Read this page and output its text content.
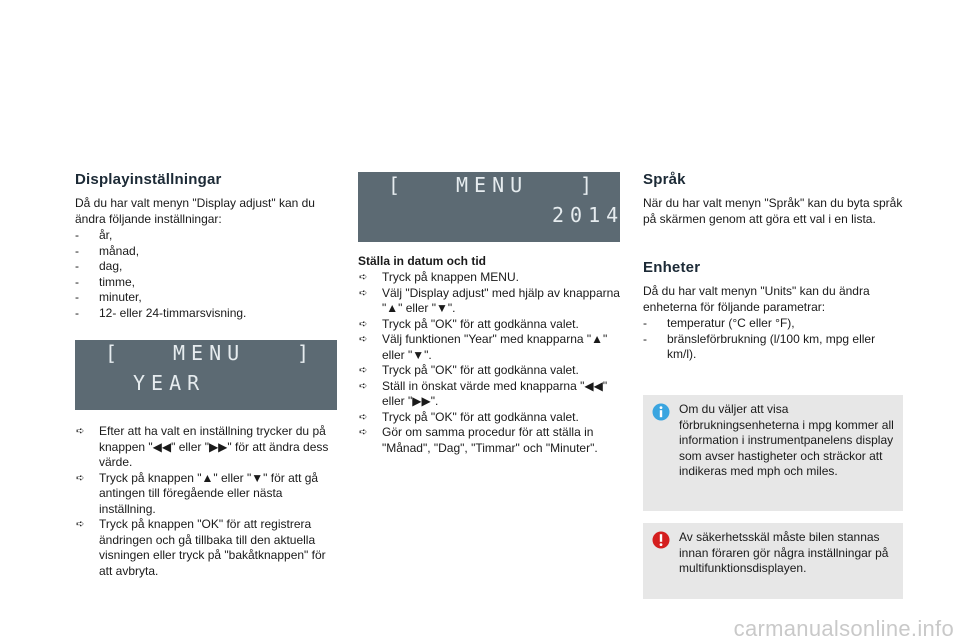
Displayinställningar

Då du har valt menyn "Display adjust" kan du ändra följande inställningar:

- år,
- månad,
- dag,
- timme,
- minuter,
- 12- eller 24-timmarsvisning.
[ MENU	]
YEAR
➪ Efter att ha valt en inställning trycker du på knappen "◀◀" eller "▶▶" för att ändra dess värde.
➪ Tryck på knappen "▲" eller "▼" för att gå antingen till föregående eller nästa inställning.
➪ Tryck på knappen "OK" för att registrera ändringen och gå tillbaka till den aktuella visningen eller tryck på "bakåtknappen" för att avbryta.
[ MENU	]
2014

Ställa in datum och tid

➪ Tryck på knappen MENU.
➪ Välj "Display adjust" med hjälp av knapparna "▲" eller "▼".
➪ Tryck på "OK" för att godkänna valet.
➪ Välj funktionen "Year" med knapparna "▲" eller "▼".
➪ Tryck på "OK" för att godkänna valet.
➪ Ställ in önskat värde med knapparna "◀◀" eller "▶▶".
➪ Tryck på "OK" för att godkänna valet.
➪ Gör om samma procedur för att ställa in "Månad", "Dag", "Timmar" och "Minuter".
Språk

När du har valt menyn "Språk" kan du byta språk på skärmen genom att göra ett val i en lista.

Enheter

Då du har valt menyn "Units" kan du ändra enheterna för följande parametrar:

- temperatur (°C eller °F),
- bränsleförbrukning (l/100 km, mpg eller km/l).
Om du väljer att visa förbrukningsenheterna i mpg kommer all information i instrumentpanelens display som avser hastigheter och sträckor att indikeras med mph och miles.
Av säkerhetsskäl måste bilen stannas innan föraren gör några inställningar på multifunktionsdisplayen.
carmanualsonline.info
